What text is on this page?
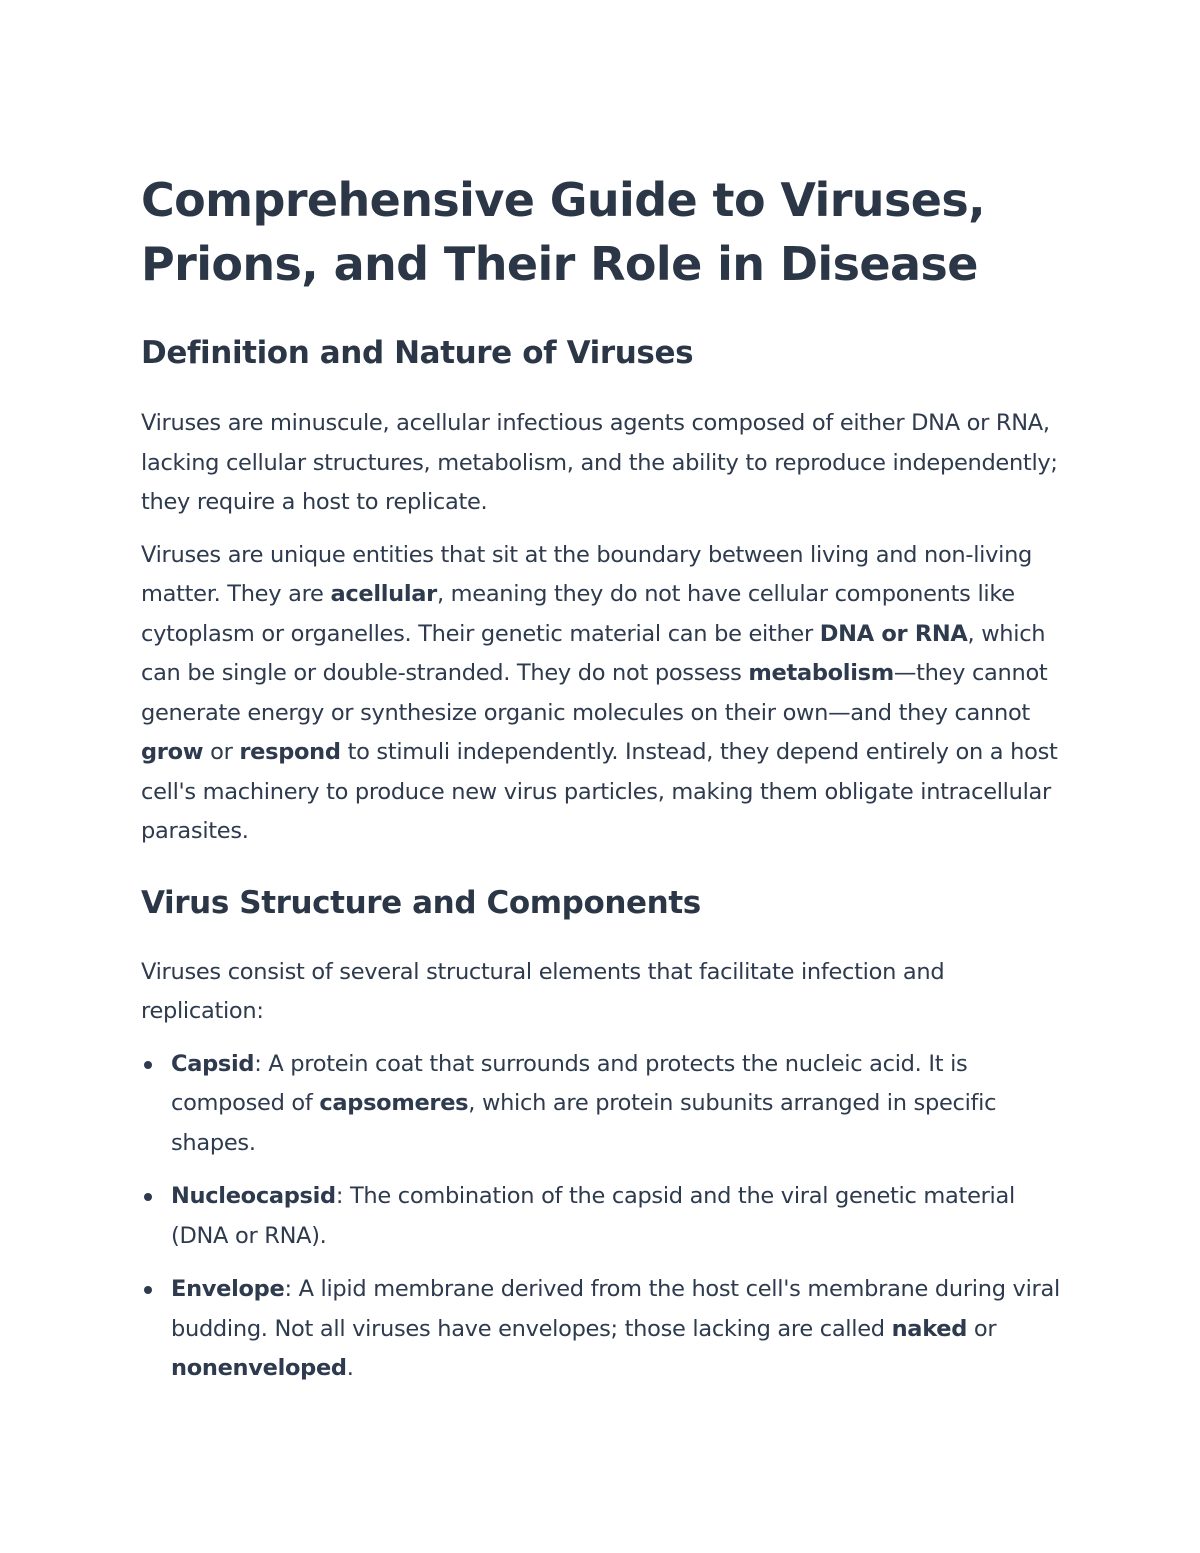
Comprehensive Guide to Viruses, Prions, and Their Role in Disease
Definition and Nature of Viruses

Viruses are minuscule, acellular infectious agents composed of either DNA or RNA, lacking cellular structures, metabolism, and the ability to reproduce independently; they require a host to replicate.

Viruses are unique entities that sit at the boundary between living and non-living matter. They are acellular, meaning they do not have cellular components like cytoplasm or organelles. Their genetic material can be either DNA or RNA, which can be single or double-stranded. They do not possess metabolism—they cannot generate energy or synthesize organic molecules on their own—and they cannot grow or respond to stimuli independently. Instead, they depend entirely on a host cell's machinery to produce new virus particles, making them obligate intracellular parasites.

Virus Structure and Components

Viruses consist of several structural elements that facilitate infection and replication:

Capsid: A protein coat that surrounds and protects the nucleic acid. It is composed of capsomeres, which are protein subunits arranged in specific shapes.

Nucleocapsid: The combination of the capsid and the viral genetic material (DNA or RNA).

Envelope: A lipid membrane derived from the host cell's membrane during viral budding. Not all viruses have envelopes; those lacking are called naked or nonenveloped.
